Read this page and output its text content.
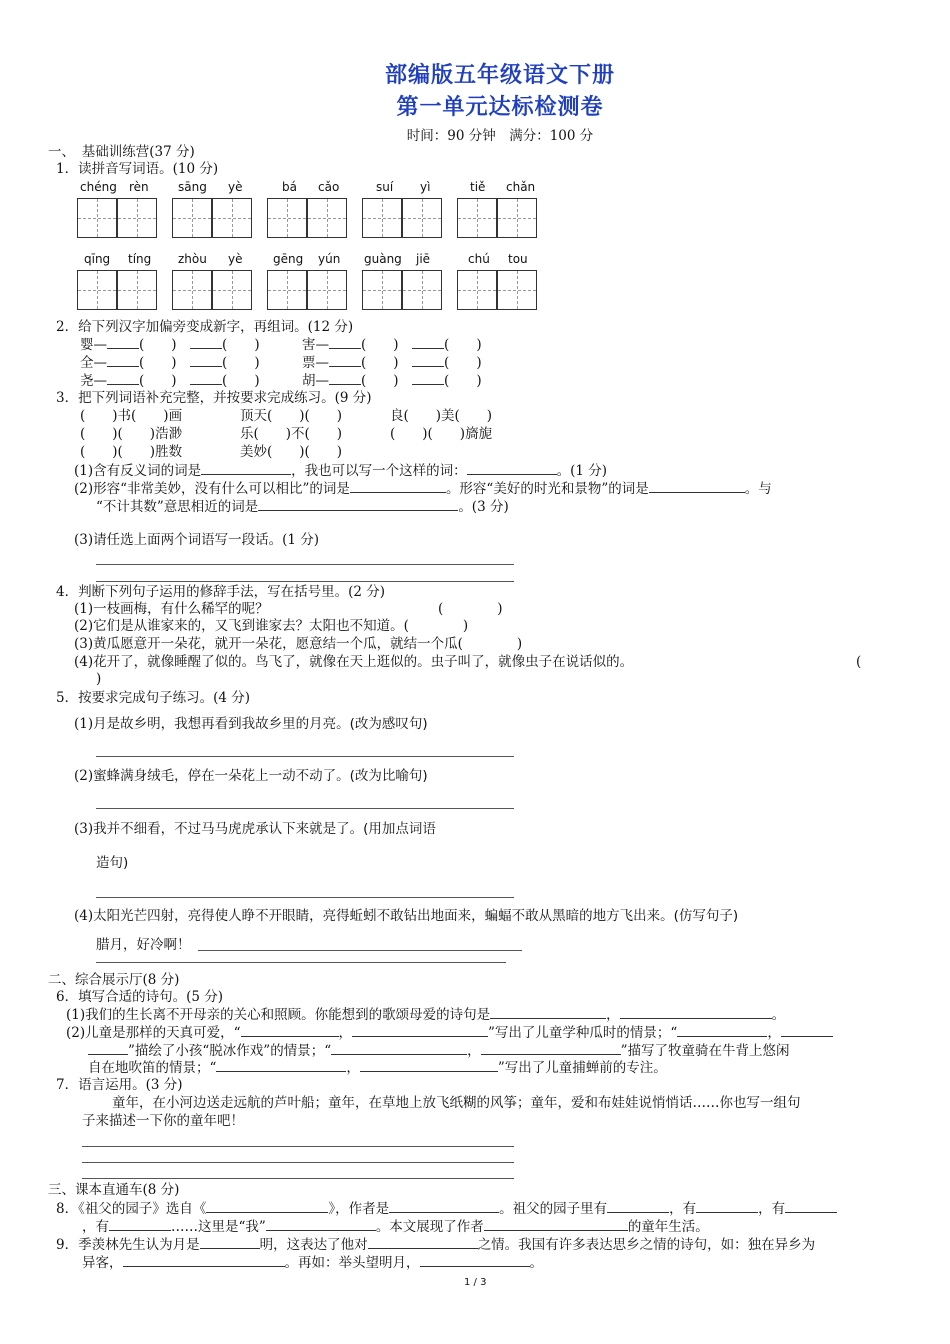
部编版五年级语文下册
第一单元达标检测卷
时间：90 分钟　满分：100 分
一、　基础训练营(37 分)
1．读拼音写词语。(10 分)
chéng rèn sāng yè	bá cǎo	suí yì	tiě chǎn
qīng tíng zhòu yè	gēng yún guàng jiē	chú tou
2．给下列汉字加偏旁变成新字，再组词。(12 分)
婴— (　　)　(　　)	害— (　　)　(　　)
全— (　　)　(　　)	票— (　　)　(　　)
尧— (　　)　(　　)	胡— (　　)　(　　)
3．把下列词语补充完整，并按要求完成练习。(9 分)
(　　)书(　　)画	顶天(　　)(　　)	良(　　)美(　　)
(　　)(　　)浩渺	乐(　　)不(　　)	(　　)(　　)旖旎
(　　)(　　)胜数	美妙(　　)(　　)
(1)含有反义词的词是	，我也可以写一个这样的词：	。(1 分)
(2)形容“非常美妙，没有什么可以相比”的词是	。形容“美好的时光和景物”的词是	。与
“不计其数”意思相近的词是	。(3 分)
(3)请任选上面两个词语写一段话。(1 分)
4．判断下列句子运用的修辞手法，写在括号里。(2 分)
(1)一枝画梅，有什么稀罕的呢？	(　　　　)
(2)它们是从谁家来的，又飞到谁家去？太阳也不知道。(　　　　)
(3)黄瓜愿意开一朵花，就开一朵花，愿意结一个瓜，就结一个瓜(　　　　)
(4)花开了，就像睡醒了似的。鸟飞了，就像在天上逛似的。虫子叫了，就像虫子在说话似的。	(
)
5．按要求完成句子练习。(4 分)
(1)月是故乡明，我想再看到我故乡里的月亮。(改为感叹句)
(2)蜜蜂满身绒毛，停在一朵花上一动不动了。(改为比喻句)
(3)我并不细看，不过马马虎虎承认下来就是了。(用加点词语
造句)
(4)太阳光芒四射，亮得使人睁不开眼睛，亮得蚯蚓不敢钻出地面来，蝙蝠不敢从黑暗的地方飞出来。(仿写句子)
腊月，好冷啊！
二、综合展示厅(8 分)
6．填写合适的诗句。(5 分)
(1)我们的生长离不开母亲的关心和照顾。你能想到的歌颂母爱的诗句是	，	。
(2)儿童是那样的天真可爱，“	，	”写出了儿童学种瓜时的情景；“	，
”描绘了小孩“脱冰作戏”的情景；“	，	”描写了牧童骑在牛背上悠闲
自在地吹笛的情景；“	，	”写出了儿童捕蝉前的专注。
7．语言运用。(3 分)
童年，在小河边送走远航的芦叶船；童年，在草地上放飞纸糊的风筝；童年，爱和布娃娃说悄悄话……你也写一组句
子来描述一下你的童年吧！
三、课本直通车(8 分)
8．《祖父的园子》选自《	》，作者是	。祖父的园子里有	，有	，有
，有	……这里是“我”	。本文展现了作者	的童年生活。
9．季羡林先生认为月是	明，这表达了他对	之情。我国有许多表达思乡之情的诗句，如：独在异乡为
异客，	。再如：举头望明月，	。
1 / 3
